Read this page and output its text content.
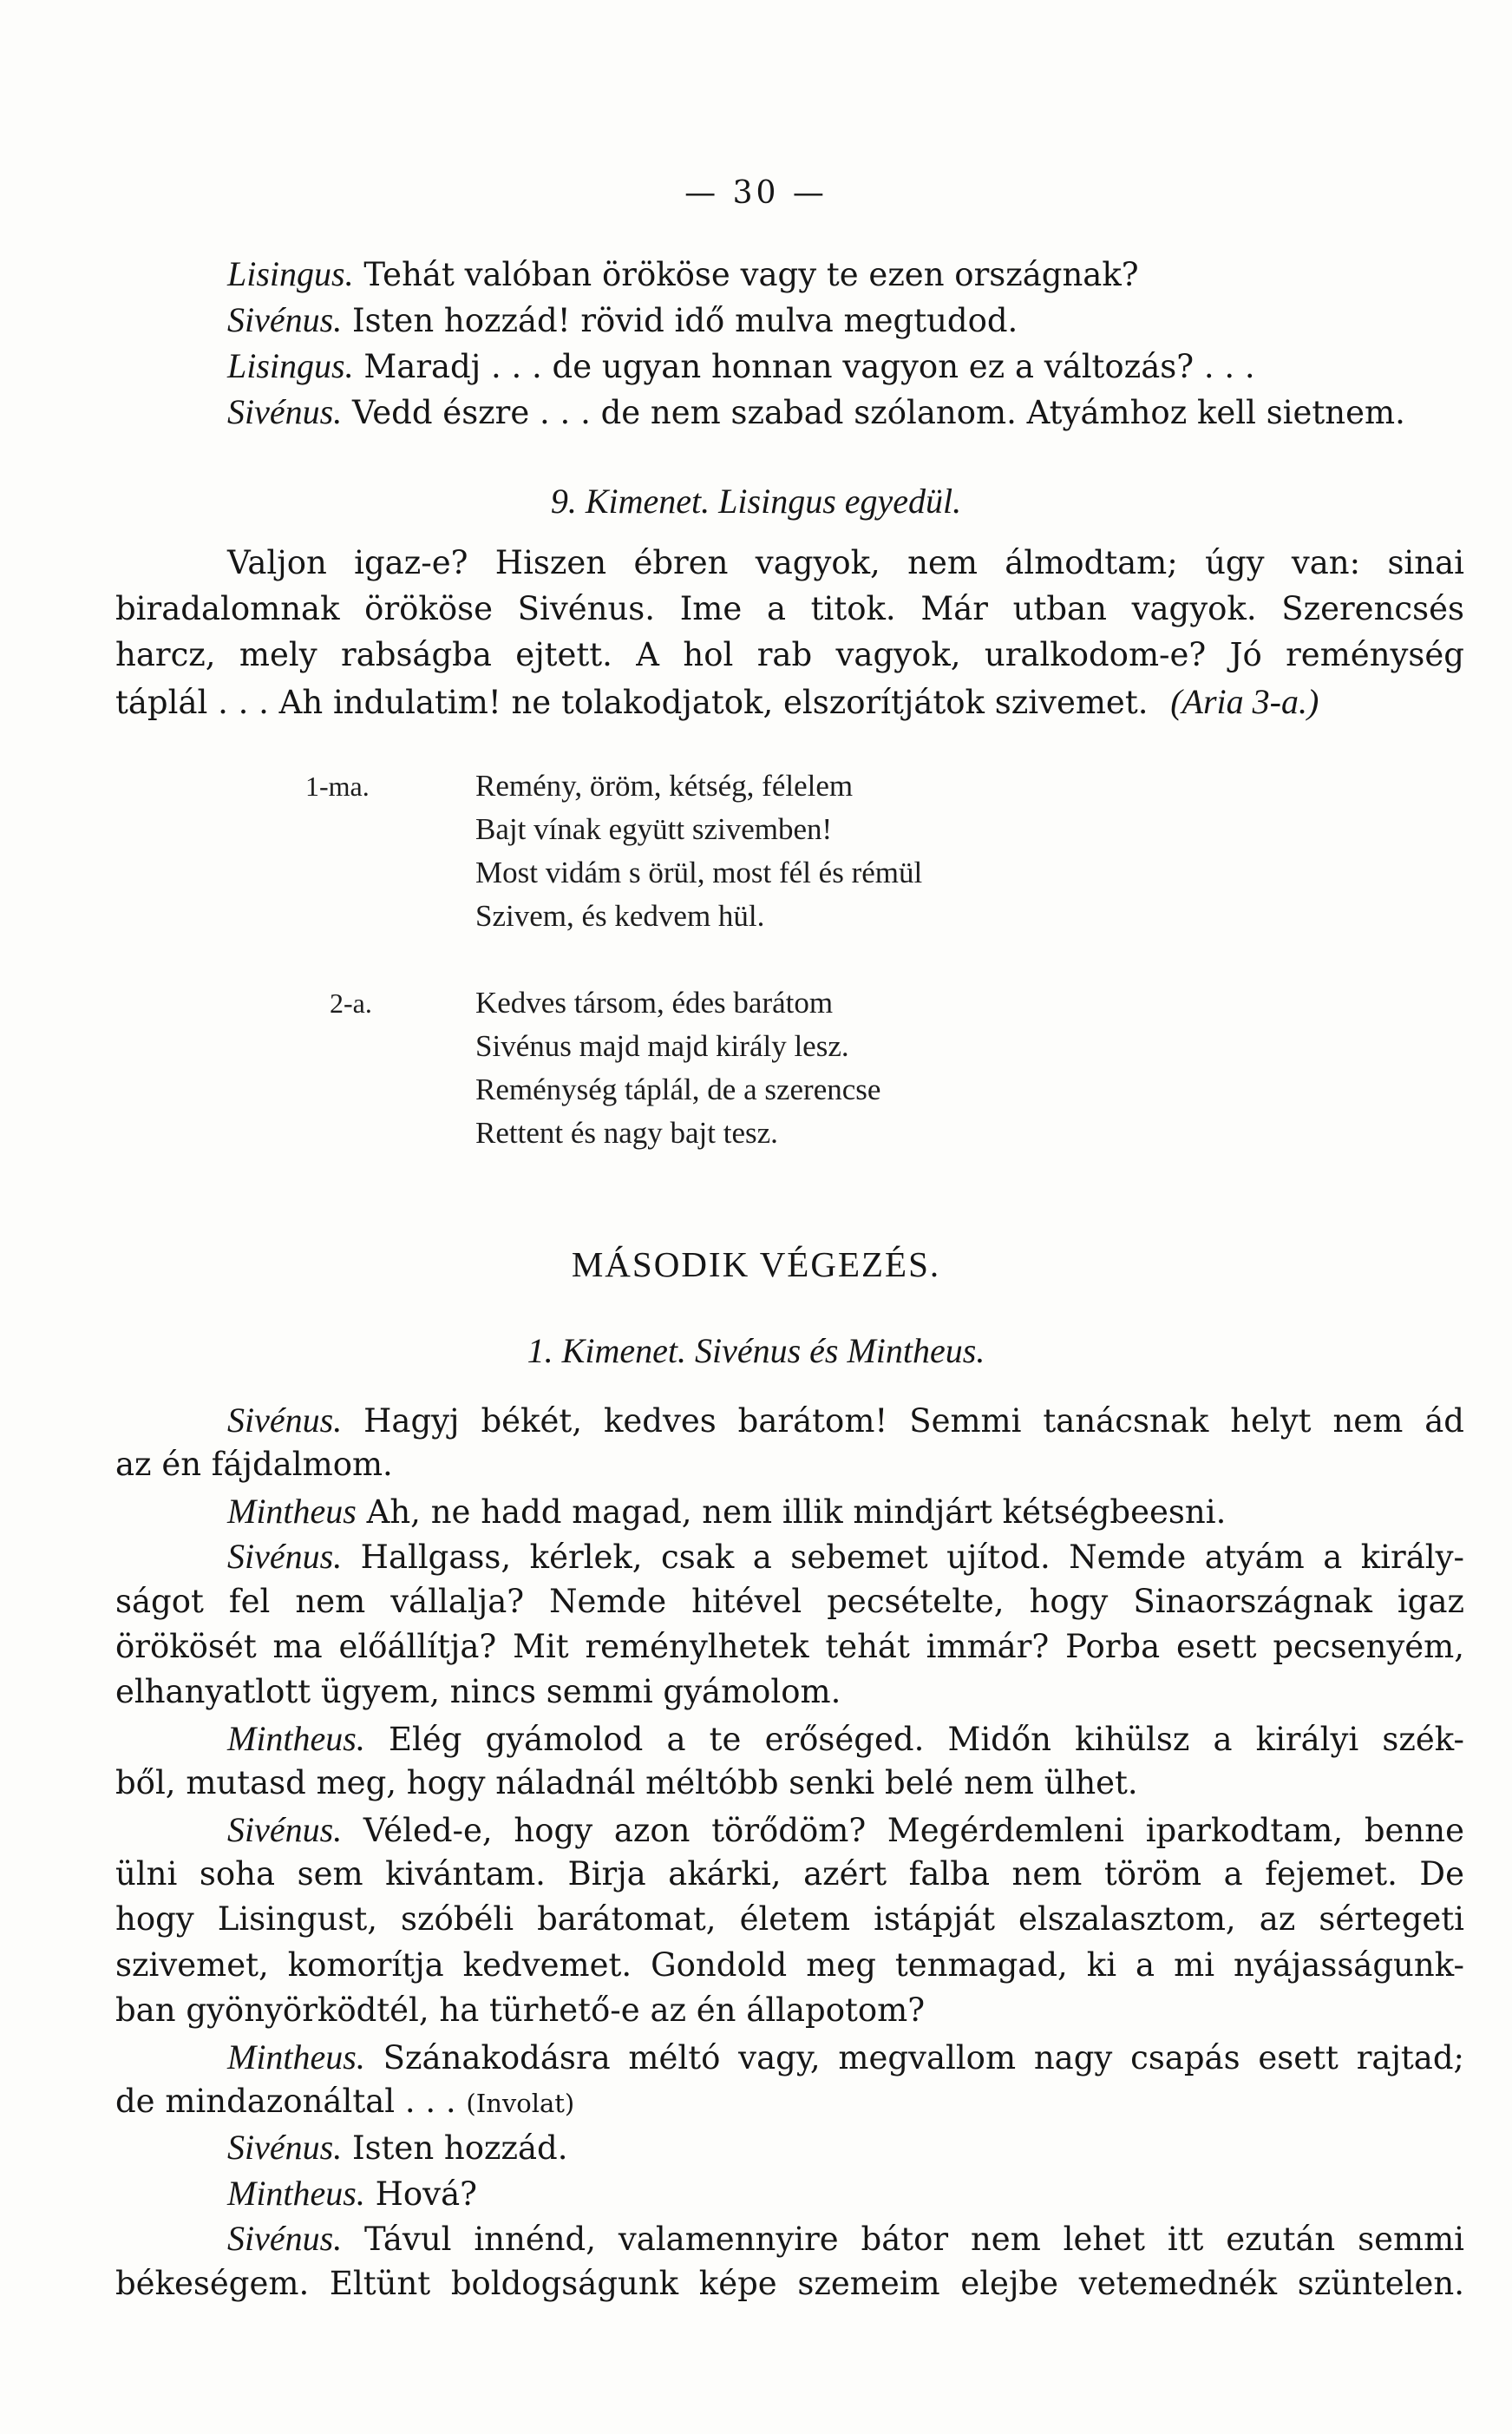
— 30 —
Lisingus. Tehát valóban örököse vagy te ezen országnak?
Sivénus. Isten hozzád! rövid idő mulva megtudod.
Lisingus. Maradj . . . de ugyan honnan vagyon ez a változás? . . .
Sivénus. Vedd észre . . . de nem szabad szólanom. Atyámhoz kell sietnem.
9. Kimenet. Lisingus egyedül.
Valjon igaz-e? Hiszen ébren vagyok, nem álmodtam; úgy van: sinai
biradalomnak örököse Sivénus. Ime a titok. Már utban vagyok. Szerencsés
harcz, mely rabságba ejtett. A hol rab vagyok, uralkodom-e? Jó reménység
táplál . . . Ah indulatim! ne tolakodjatok, elszorítjátok szivemet. (Aria 3-a.)
1-ma.	Remény, öröm, kétség, félelem
Bajt vínak együtt szivemben!
Most vidám s örül, most fél és rémül
Szivem, és kedvem hül.
2-a.	Kedves társom, édes barátom
Sivénus majd majd király lesz.
Reménység táplál, de a szerencse
Rettent és nagy bajt tesz.
MÁSODIK VÉGEZÉS.
1. Kimenet. Sivénus és Mintheus.
Sivénus. Hagyj békét, kedves barátom! Semmi tanácsnak helyt nem ád
az én fájdalmom.
Mintheus Ah, ne hadd magad, nem illik mindjárt kétségbeesni.
Sivénus. Hallgass, kérlek, csak a sebemet ujítod. Nemde atyám a király-
ságot fel nem vállalja? Nemde hitével pecsételte, hogy Sinaországnak igaz
örökösét ma előállítja? Mit reménylhetek tehát immár? Porba esett pecsenyém,
elhanyatlott ügyem, nincs semmi gyámolom.
Mintheus. Elég gyámolod a te erőséged. Midőn kihülsz a királyi szék-
ből, mutasd meg, hogy náladnál méltóbb senki belé nem ülhet.
Sivénus. Véled-e, hogy azon törődöm? Megérdemleni iparkodtam, benne
ülni soha sem kivántam. Birja akárki, azért falba nem töröm a fejemet. De
hogy Lisingust, szóbéli barátomat, életem istápját elszalasztom, az sértegeti
szivemet, komorítja kedvemet. Gondold meg tenmagad, ki a mi nyájasságunk-
ban gyönyörködtél, ha türhető-e az én állapotom?
Mintheus. Szánakodásra méltó vagy, megvallom nagy csapás esett rajtad;
de mindazonáltal . . . (Involat)
Sivénus. Isten hozzád.
Mintheus. Hová?
Sivénus. Távul innénd, valamennyire bátor nem lehet itt ezután semmi
békeségem. Eltünt boldogságunk képe szemeim elejbe vetemednék szüntelen.
